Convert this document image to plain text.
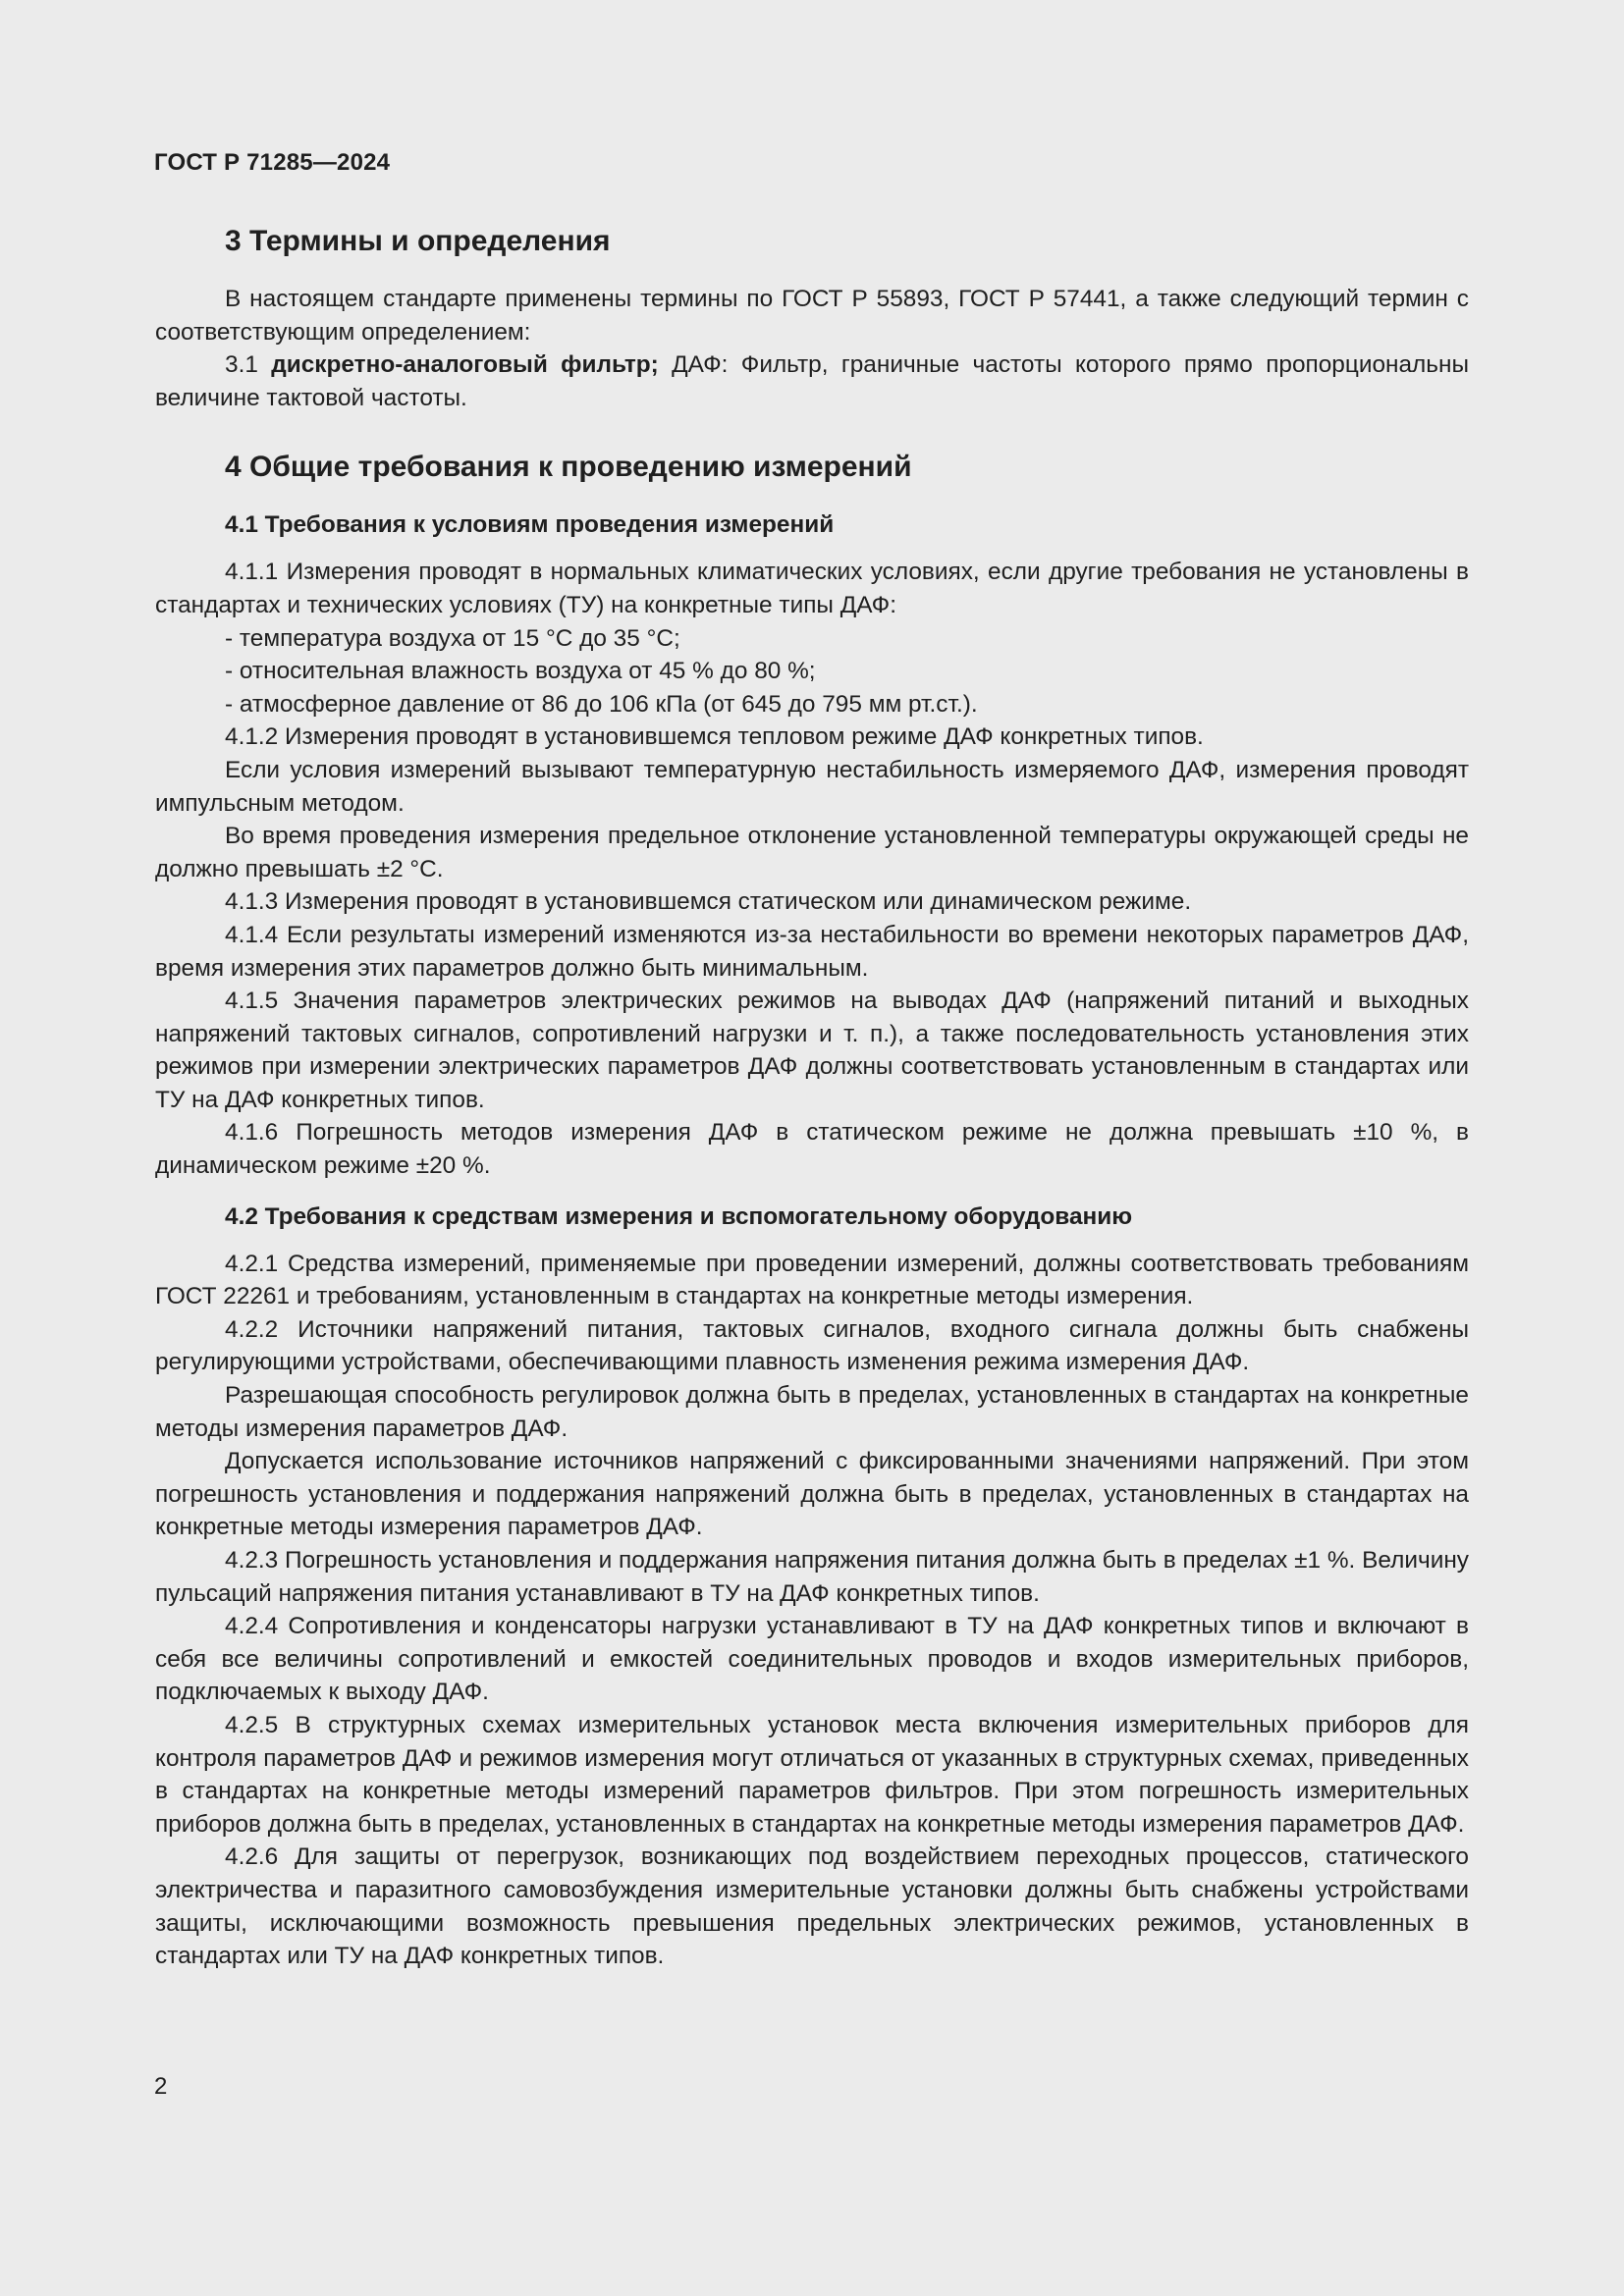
ГОСТ Р 71285—2024
3 Термины и определения

В настоящем стандарте применены термины по ГОСТ Р 55893, ГОСТ Р 57441, а также следующий термин с соответствующим определением:

3.1 дискретно-аналоговый фильтр; ДАФ: Фильтр, граничные частоты которого прямо пропорциональны величине тактовой частоты.

4 Общие требования к проведению измерений
4.1 Требования к условиям проведения измерений

4.1.1 Измерения проводят в нормальных климатических условиях, если другие требования не установлены в стандартах и технических условиях (ТУ) на конкретные типы ДАФ:

- температура воздуха от 15 °C до 35 °C;

- относительная влажность воздуха от 45 % до 80 %;

- атмосферное давление от 86 до 106 кПа (от 645 до 795 мм рт.ст.).

4.1.2 Измерения проводят в установившемся тепловом режиме ДАФ конкретных типов.

Если условия измерений вызывают температурную нестабильность измеряемого ДАФ, измерения проводят импульсным методом.

Во время проведения измерения предельное отклонение установленной температуры окружающей среды не должно превышать ±2 °C.

4.1.3 Измерения проводят в установившемся статическом или динамическом режиме.

4.1.4 Если результаты измерений изменяются из-за нестабильности во времени некоторых параметров ДАФ, время измерения этих параметров должно быть минимальным.

4.1.5 Значения параметров электрических режимов на выводах ДАФ (напряжений питаний и выходных напряжений тактовых сигналов, сопротивлений нагрузки и т. п.), а также последовательность установления этих режимов при измерении электрических параметров ДАФ должны соответствовать установленным в стандартах или ТУ на ДАФ конкретных типов.

4.1.6 Погрешность методов измерения ДАФ в статическом режиме не должна превышать ±10 %, в динамическом режиме ±20 %.

4.2 Требования к средствам измерения и вспомогательному оборудованию

4.2.1 Средства измерений, применяемые при проведении измерений, должны соответствовать требованиям ГОСТ 22261 и требованиям, установленным в стандартах на конкретные методы измерения.

4.2.2 Источники напряжений питания, тактовых сигналов, входного сигнала должны быть снабжены регулирующими устройствами, обеспечивающими плавность изменения режима измерения ДАФ.

Разрешающая способность регулировок должна быть в пределах, установленных в стандартах на конкретные методы измерения параметров ДАФ.

Допускается использование источников напряжений с фиксированными значениями напряжений. При этом погрешность установления и поддержания напряжений должна быть в пределах, установленных в стандартах на конкретные методы измерения параметров ДАФ.

4.2.3 Погрешность установления и поддержания напряжения питания должна быть в пределах ±1 %. Величину пульсаций напряжения питания устанавливают в ТУ на ДАФ конкретных типов.

4.2.4 Сопротивления и конденсаторы нагрузки устанавливают в ТУ на ДАФ конкретных типов и включают в себя все величины сопротивлений и емкостей соединительных проводов и входов измерительных приборов, подключаемых к выходу ДАФ.

4.2.5 В структурных схемах измерительных установок места включения измерительных приборов для контроля параметров ДАФ и режимов измерения могут отличаться от указанных в структурных схемах, приведенных в стандартах на конкретные методы измерений параметров фильтров. При этом погрешность измерительных приборов должна быть в пределах, установленных в стандартах на конкретные методы измерения параметров ДАФ.

4.2.6 Для защиты от перегрузок, возникающих под воздействием переходных процессов, статического электричества и паразитного самовозбуждения измерительные установки должны быть снабжены устройствами защиты, исключающими возможность превышения предельных электрических режимов, установленных в стандартах или ТУ на ДАФ конкретных типов.

2
